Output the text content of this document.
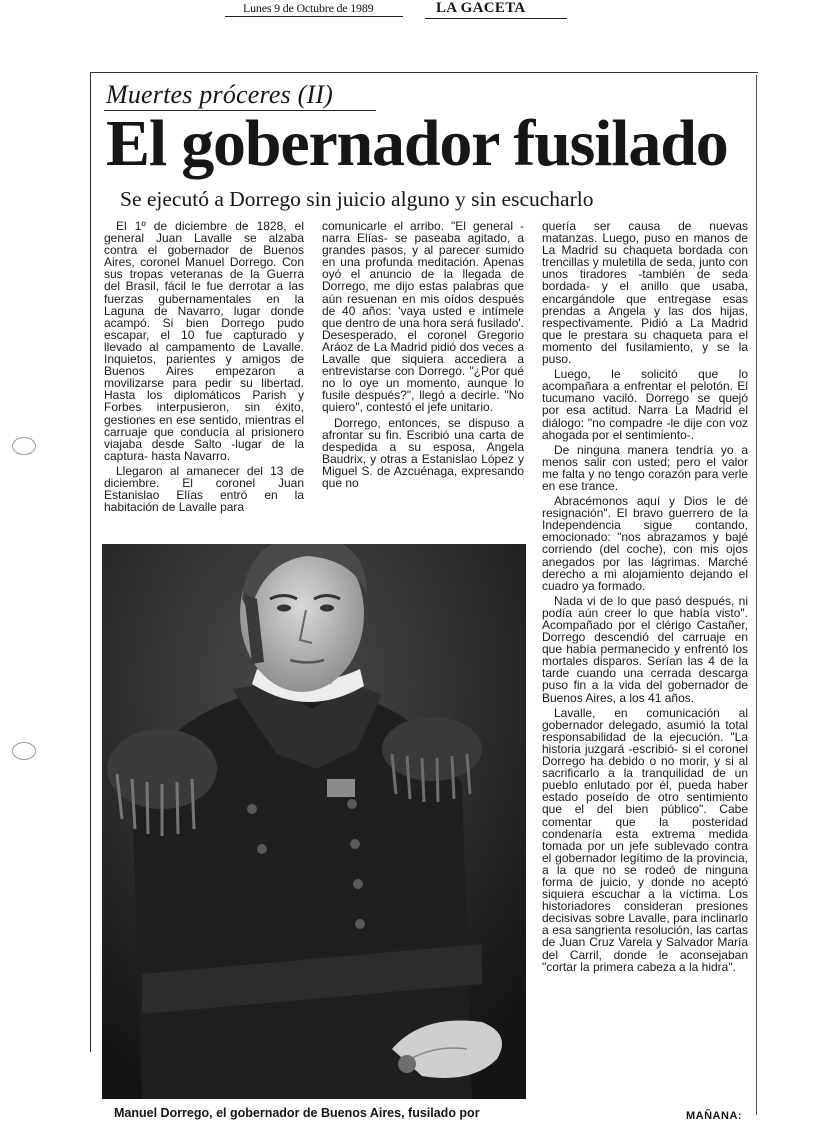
Lunes 9 de Octubre de 1989	LA GACETA
Muertes próceres (II)
El gobernador fusilado
Se ejecutó a Dorrego sin juicio alguno y sin escucharlo

El 1º de diciembre de 1828, el general Juan Lavalle se alzaba contra el gobernador de Buenos Aires, coronel Manuel Dorrego. Con sus tropas veteranas de la Guerra del Brasil, fácil le fue derrotar a las fuerzas gubernamentales en la Laguna de Navarro, lugar donde acampó. Si bien Dorrego pudo escapar, el 10 fue capturado y llevado al campamento de Lavalle. Inquietos, parientes y amigos de Buenos Aires empezaron a movilizarse para pedir su libertad. Hasta los diplomáticos Parish y Forbes interpusieron, sin éxito, gestiones en ese sentido, mientras el carruaje que conducía al prisionero viajaba desde Salto -lugar de la captura- hasta Navarro.

Llegaron al amanecer del 13 de diciembre. El coronel Juan Estanislao Elías entró en la habitación de Lavalle para

comunicarle el arribo. "El general -narra Elías- se paseaba agitado, a grandes pasos, y al parecer sumido en una profunda meditación. Apenas oyó el anuncio de la llegada de Dorrego, me dijo estas palabras que aún resuenan en mis oídos después de 40 años: 'vaya usted e intímele que dentro de una hora será fusilado'. Desesperado, el coronel Gregorio Aráoz de La Madrid pidió dos veces a Lavalle que siquiera accediera a entrevistarse con Dorrego. "¿Por qué no lo oye un momento, aunque lo fusile después?", llegó a decirle. "No quiero", contestó el jefe unitario.

Dorrego, entonces, se dispuso a afrontar su fin. Escribió una carta de despedida a su esposa, Angela Baudrix, y otras a Estanislao López y Miguel S. de Azcuénaga, expresando que no

quería ser causa de nuevas matanzas. Luego, puso en manos de La Madrid su chaqueta bordada con trencillas y muletilla de seda, junto con unos tiradores -también de seda bordada- y el anillo que usaba, encargándole que entregase esas prendas a Angela y las dos hijas, respectivamente. Pidió a La Madrid que le prestara su chaqueta para el momento del fusilamiento, y se la puso.

Luego, le solicitó que lo acompañara a enfrentar el pelotón. El tucumano vaciló. Dorrego se quejó por esa actitud. Narra La Madrid el diálogo: "no compadre -le dije con voz ahogada por el sentimiento-.

De ninguna manera tendría yo a menos salir con usted; pero el valor me falta y no tengo corazón para verle en ese trance.

Abracémonos aquí y Dios le dé resignación". El bravo guerrero de la Independencia sigue contando, emocionado: "nos abrazamos y bajé corriendo (del coche), con mis ojos anegados por las lágrimas. Marché derecho a mi alojamiento dejando el cuadro ya formado.

Nada vi de lo que pasó después, ni podía aún creer lo que había visto". Acompañado por el clérigo Castañer, Dorrego descendió del carruaje en que había permanecido y enfrentó los mortales disparos. Serían las 4 de la tarde cuando una cerrada descarga puso fin a la vida del gobernador de Buenos Aires, a los 41 años.

Lavalle, en comunicación al gobernador delegado, asumió la total responsabilidad de la ejecución. "La historia juzgará -escribió- si el coronel Dorrego ha debido o no morir, y si al sacrificarlo a la tranquilidad de un pueblo enlutado por él, pueda haber estado poseído de otro sentimiento que el del bien público". Cabe comentar que la posteridad condenaría esta extrema medida tomada por un jefe sublevado contra el gobernador legítimo de la provincia, a la que no se rodeó de ninguna forma de juicio, y donde no aceptó siquiera escuchar a la víctima. Los historiadores consideran presiones decisivas sobre Lavalle, para inclinarlo a esa sangrienta resolución, las cartas de Juan Cruz Varela y Salvador María del Carril, donde le aconsejaban "cortar la primera cabeza a la hidra".

Manuel Dorrego, el gobernador de Buenos Aires, fusilado por	MAÑANA:
